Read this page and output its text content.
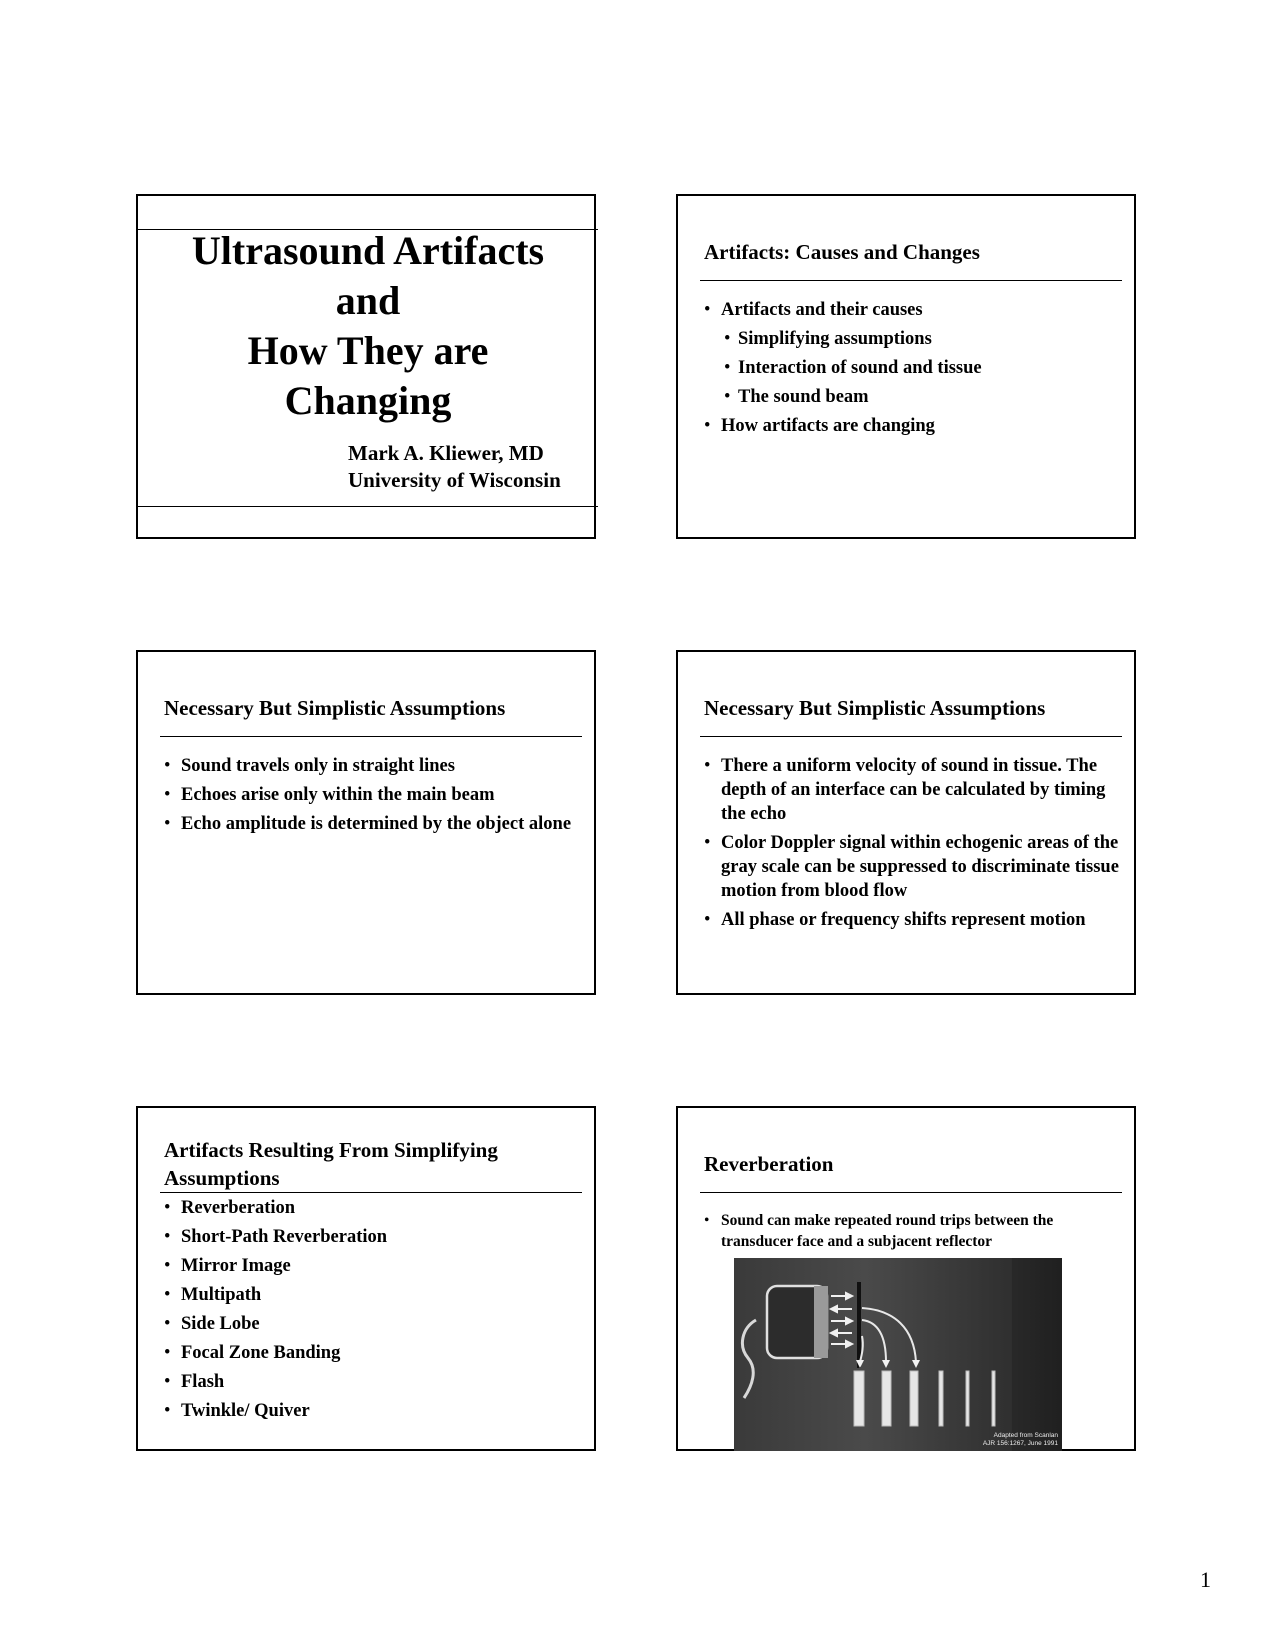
Ultrasound Artifacts
and
How They are
Changing
Mark A. Kliewer, MD
University of Wisconsin
Artifacts: Causes and Changes
• Artifacts and their causes
• Simplifying assumptions
• Interaction of sound and tissue
• The sound beam
• How artifacts are changing
Necessary But Simplistic Assumptions
• Sound travels only in straight lines
• Echoes arise only within the main beam
• Echo amplitude is determined by the object alone
Necessary But Simplistic Assumptions
• There a uniform velocity of sound in tissue. The depth of an interface can be calculated by timing the echo
• Color Doppler signal within echogenic areas of the gray scale can be suppressed to discriminate tissue motion from blood flow
• All phase or frequency shifts represent motion
Artifacts Resulting From Simplifying Assumptions
• Reverberation
• Short-Path Reverberation
• Mirror Image
• Multipath
• Side Lobe
• Focal Zone Banding
• Flash
• Twinkle/ Quiver
Reverberation
• Sound can make repeated round trips between the transducer face and a subjacent reflector
Adapted from Scanlan
AJR 156:1267, June 1991
1
